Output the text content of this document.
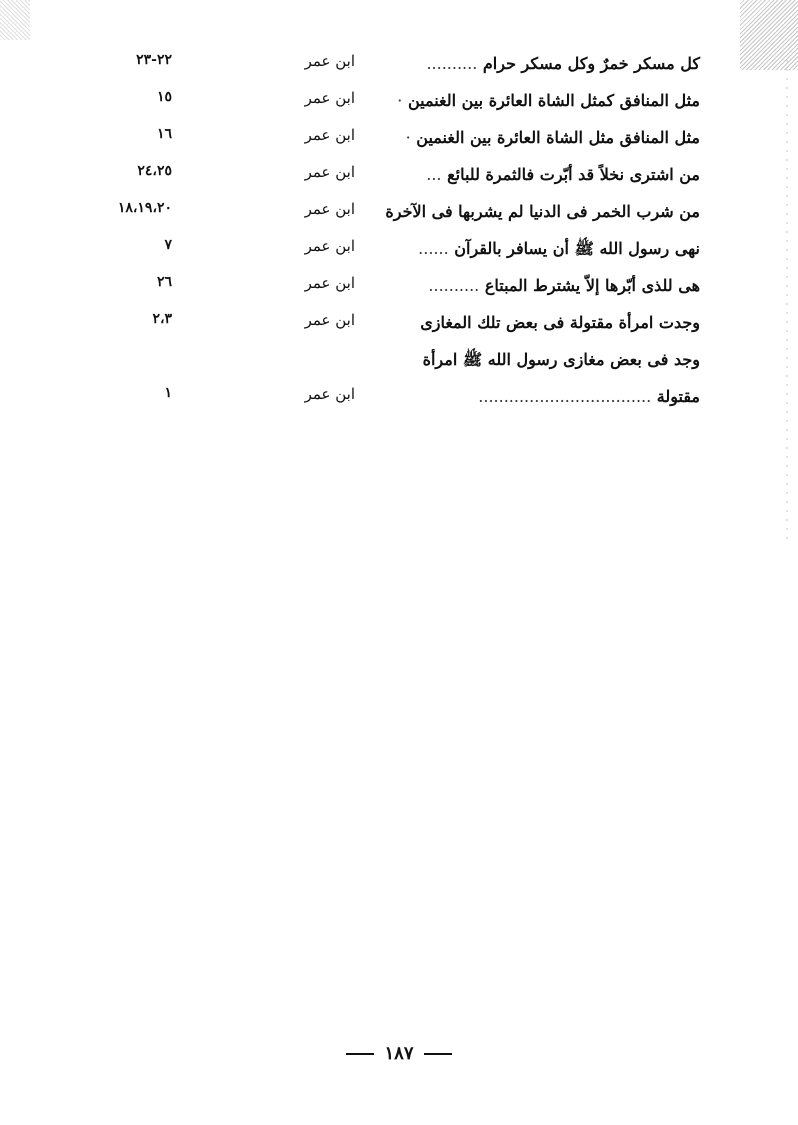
كل مسكر خمرٌ وكل مسكر حرام ..........
ابن عمر
٢٢-٢٣
مثل المنافق كمثل الشاة العائرة بين الغنمين ·
ابن عمر
١٥
مثل المنافق مثل الشاة العائرة بين الغنمين ·
ابن عمر
١٦
من اشترى نخلاً قد أبّرت فالثمرة للبائع ...
ابن عمر
٢٤،٢٥
من شرب الخمر فى الدنيا لم يشربها فى الآخرة
ابن عمر
١٨،١٩،٢٠
نهى رسول الله ﷺ أن يسافر بالقرآن ......
ابن عمر
٧
هى للذى أبّرها إلاّ يشترط المبتاع ..........
ابن عمر
٢٦
وجدت امرأة مقتولة فى بعض تلك المغازى
ابن عمر
٢،٣
وجد فى بعض مغازى رسول الله ﷺ امرأة
مقتولة ..................................
ابن عمر
١
١٨٧
